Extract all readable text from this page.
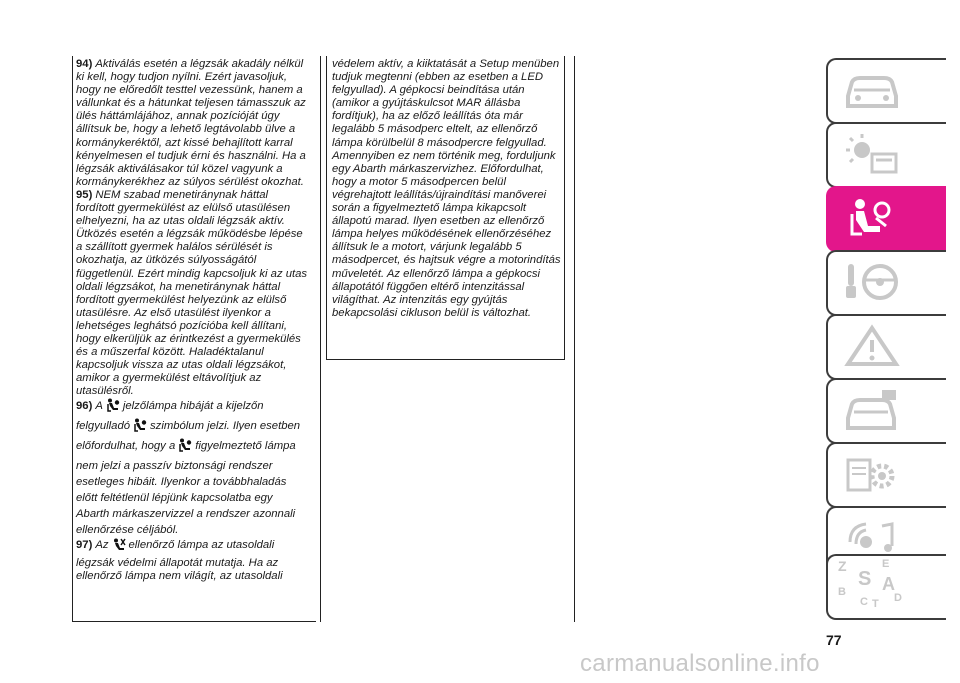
94) Aktiválás esetén a légzsák akadály nélkül ki kell, hogy tudjon nyílni. Ezért javasoljuk, hogy ne előredőlt testtel vezessünk, hanem a vállunkat és a hátunkat teljesen támasszuk az ülés háttámlájához, annak pozícióját úgy állítsuk be, hogy a lehető legtávolabb ülve a kormánykeréktől, azt kissé behajlított karral kényelmesen el tudjuk érni és használni. Ha a légzsák aktiválásakor túl közel vagyunk a kormánykerékhez az súlyos sérülést okozhat.

95) NEM szabad menetiránynak háttal fordított gyermekülést az elülső utasülésen elhelyezni, ha az utas oldali légzsák aktív. Ütközés esetén a légzsák működésbe lépése a szállított gyermek halálos sérülését is okozhatja, az ütközés súlyosságától függetlenül. Ezért mindig kapcsoljuk ki az utas oldali légzsákot, ha menetiránynak háttal fordított gyermekülést helyezünk az elülső utasülésre. Az első utasülést ilyenkor a lehetséges leghátsó pozícióba kell állítani, hogy elkerüljük az érintkezést a gyermekülés és a műszerfal között. Haladéktalanul kapcsoljuk vissza az utas oldali légzsákot, amikor a gyermekülést eltávolítjuk az utasülésről.

96) A jelzőlámpa hibáját a kijelzőn felgyulladó szimbólum jelzi. Ilyen esetben előfordulhat, hogy a figyelmeztető lámpa nem jelzi a passzív biztonsági rendszer esetleges hibáit. Ilyenkor a továbbhaladás előtt feltétlenül lépjünk kapcsolatba egy Abarth márkaszervizzel a rendszer azonnali ellenőrzése céljából.

97) Az ellenőrző lámpa az utasoldali légzsák védelmi állapotát mutatja. Ha az ellenőrző lámpa nem világít, az utasoldali

védelem aktív, a kiiktatását a Setup menüben tudjuk megtenni (ebben az esetben a LED felgyullad). A gépkocsi beindítása után (amikor a gyújtáskulcsot MAR állásba fordítjuk), ha az előző leállítás óta már legalább 5 másodperc eltelt, az ellenőrző lámpa körülbelül 8 másodpercre felgyullad. Amennyiben ez nem történik meg, forduljunk egy Abarth márkaszervizhez. Előfordulhat, hogy a motor 5 másodpercen belül végrehajtott leállítás/újraindítási manőverei során a figyelmeztető lámpa kikapcsolt állapotú marad. Ilyen esetben az ellenőrző lámpa helyes működésének ellenőrzéséhez állítsuk le a motort, várjunk legalább 5 másodpercet, és hajtsuk végre a motorindítás műveletét. Az ellenőrző lámpa a gépkocsi állapotától függően eltérő intenzitással világíthat. Az intenzitás egy gyújtás bekapcsolási cikluson belül is változhat.

Z	E
S A
B
C T D
77
carmanualsonline.info
